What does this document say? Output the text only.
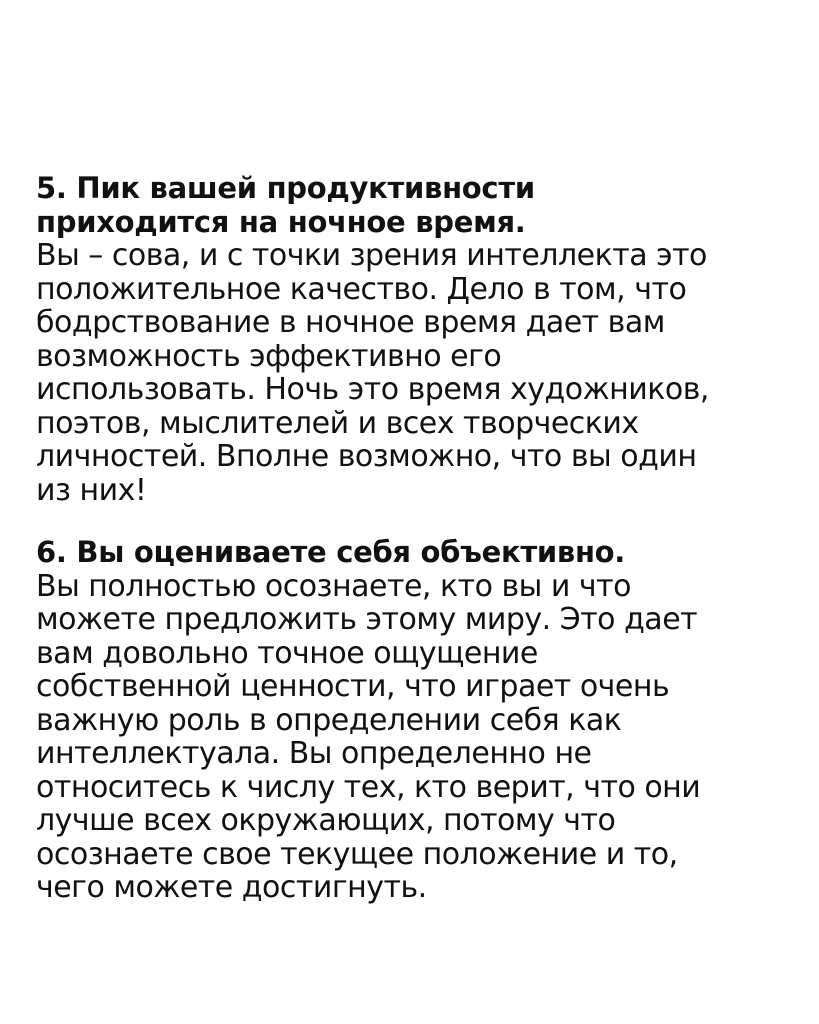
5. Пик вашей продуктивности
приходится на ночное время.
Вы – сова, и с точки зрения интеллекта это
положительное качество. Дело в том, что
бодрствование в ночное время дает вам
возможность эффективно его
использовать. Ночь это время художников,
поэтов, мыслителей и всех творческих
личностей. Вполне возможно, что вы один
из них!
6. Вы оцениваете себя объективно.
Вы полностью осознаете, кто вы и что
можете предложить этому миру. Это дает
вам довольно точное ощущение
собственной ценности, что играет очень
важную роль в определении себя как
интеллектуала. Вы определенно не
относитесь к числу тех, кто верит, что они
лучше всех окружающих, потому что
осознаете свое текущее положение и то,
чего можете достигнуть.
